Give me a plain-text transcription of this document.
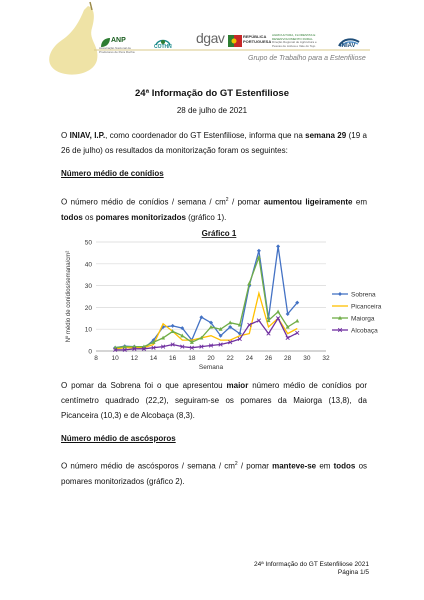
ANP
Associação Nacional de Produtores de Pera Rocha
COTHN
dgav	REPÚBLICA PORTUGUESA
AGRICULTURA, FLORESTAS E DESENVOLVIMENTO RURAL
Direção Regional de Agricultura e Pescas de Lisboa e Vale do Tejo	INIAV
Grupo de Trabalho para a Estenfiliose
24ª Informação do GT Estenfiliose
28 de julho de 2021
O INIAV, I.P., como coordenador do GT Estenfiliose, informa que na semana 29 (19 a 26 de julho) os resultados da monitorização foram os seguintes:
Número médio de conídios
O número médio de conídios / semana / $cm^2$ / pomar aumentou ligeiramente em todos os pomares monitorizados (gráfico 1).
Gráfico 1
0
10
20
30
40
50
8 10 12 14 16 18 20 22 24 26 28 30 32
Semana
Nº médio de conídios/semana/cm²	Sobrena
Picanceira
Maiorga
Alcobaça
O pomar da Sobrena foi o que apresentou maior número médio de conídios por centímetro quadrado (22,2), seguiram-se os pomares da Maiorga (13,8), da Picanceira (10,3) e de Alcobaça (8,3).
Número médio de ascósporos
O número médio de ascósporos / semana / $cm^2$ / pomar manteve-se em todos os pomares monitorizados (gráfico 2).
24ª Informação do GT Estenfiliose 2021
Página 1/5
